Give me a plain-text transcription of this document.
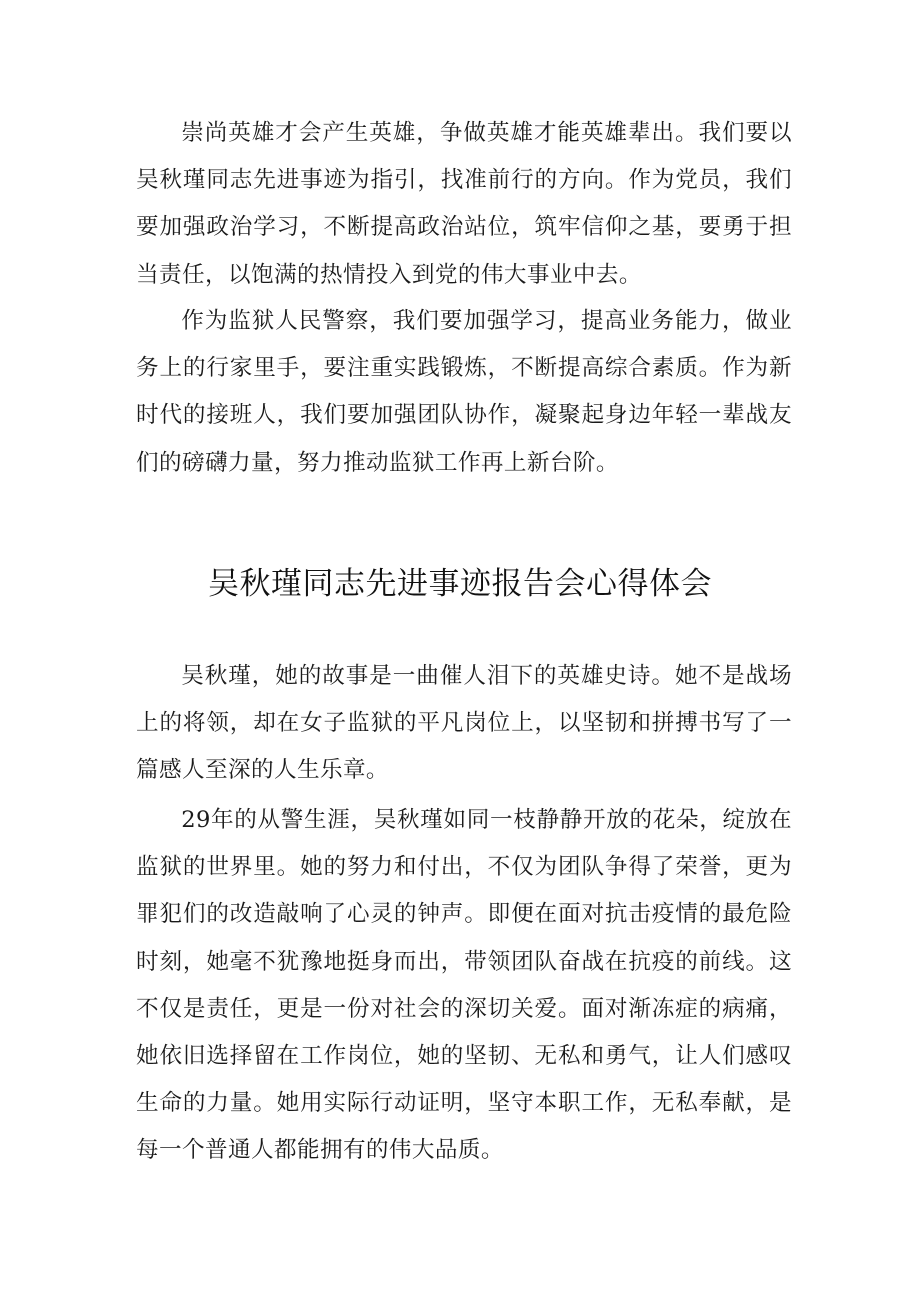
崇尚英雄才会产生英雄，争做英雄才能英雄辈出。我们要以吴秋瑾同志先进事迹为指引，找准前行的方向。作为党员，我们要加强政治学习，不断提高政治站位，筑牢信仰之基，要勇于担当责任，以饱满的热情投入到党的伟大事业中去。

作为监狱人民警察，我们要加强学习，提高业务能力，做业务上的行家里手，要注重实践锻炼，不断提高综合素质。作为新时代的接班人，我们要加强团队协作，凝聚起身边年轻一辈战友们的磅礴力量，努力推动监狱工作再上新台阶。

吴秋瑾同志先进事迹报告会心得体会

吴秋瑾，她的故事是一曲催人泪下的英雄史诗。她不是战场上的将领，却在女子监狱的平凡岗位上，以坚韧和拼搏书写了一篇感人至深的人生乐章。

29年的从警生涯，吴秋瑾如同一枝静静开放的花朵，绽放在监狱的世界里。她的努力和付出，不仅为团队争得了荣誉，更为罪犯们的改造敲响了心灵的钟声。即便在面对抗击疫情的最危险时刻，她毫不犹豫地挺身而出，带领团队奋战在抗疫的前线。这不仅是责任，更是一份对社会的深切关爱。面对渐冻症的病痛，她依旧选择留在工作岗位，她的坚韧、无私和勇气，让人们感叹生命的力量。她用实际行动证明，坚守本职工作，无私奉献，是每一个普通人都能拥有的伟大品质。
